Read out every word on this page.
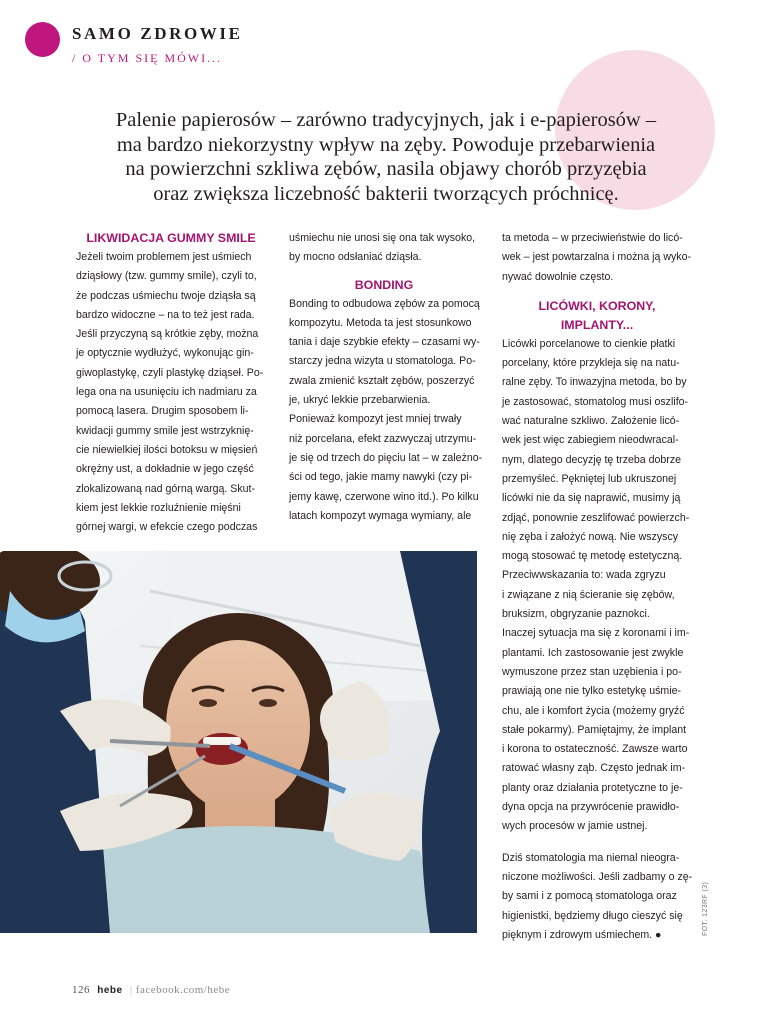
SAMO ZDROWIE
/ O TYM SIĘ MÓWI...
Palenie papierosów – zarówno tradycyjnych, jak i e-papierosów –
ma bardzo niekorzystny wpływ na zęby. Powoduje przebarwienia
na powierzchni szkliwa zębów, nasila objawy chorób przyzębia
oraz zwiększa liczebność bakterii tworzących próchnicę.
LIKWIDACJA GUMMY SMILE
Jeżeli twoim problemem jest uśmiech
dziąsłowy (tzw. gummy smile), czyli to,
że podczas uśmiechu twoje dziąsła są
bardzo widoczne – na to też jest rada.
Jeśli przyczyną są krótkie zęby, można
je optycznie wydłużyć, wykonując gin-
giwoplastykę, czyli plastykę dziąseł. Po-
lega ona na usunięciu ich nadmiaru za
pomocą lasera. Drugim sposobem li-
kwidacji gummy smile jest wstrzyknię-
cie niewielkiej ilości botoksu w mięsień
okrężny ust, a dokładnie w jego część
zlokalizowaną nad górną wargą. Skut-
kiem jest lekkie rozluźnienie mięśni
górnej wargi, w efekcie czego podczas
uśmiechu nie unosi się ona tak wysoko,
by mocno odsłaniać dziąsła.
BONDING
Bonding to odbudowa zębów za pomocą
kompozytu. Metoda ta jest stosunkowo
tania i daje szybkie efekty – czasami wy-
starczy jedna wizyta u stomatologa. Po-
zwala zmienić kształt zębów, poszerzyć
je, ukryć lekkie przebarwienia.
Ponieważ kompozyt jest mniej trwały
niż porcelana, efekt zazwyczaj utrzymu-
je się od trzech do pięciu lat – w zależno-
ści od tego, jakie mamy nawyki (czy pi-
jemy kawę, czerwone wino itd.). Po kilku
latach kompozyt wymaga wymiany, ale
ta metoda – w przeciwieństwie do licó-
wek – jest powtarzalna i można ją wyko-
nywać dowolnie często.
LICÓWKI, KORONY,
IMPLANTY...
Licówki porcelanowe to cienkie płatki
porcelany, które przykleja się na natu-
ralne zęby. To inwazyjna metoda, bo by
je zastosować, stomatolog musi oszlifo-
wać naturalne szkliwo. Założenie licó-
wek jest więc zabiegiem nieodwracal-
nym, dlatego decyzję tę trzeba dobrze
przemyśleć. Pękniętej lub ukruszonej
licówki nie da się naprawić, musimy ją
zdjąć, ponownie zeszlifować powierzch-
nię zęba i założyć nową. Nie wszyscy
mogą stosować tę metodę estetyczną.
Przeciwwskazania to: wada zgryzu
i związane z nią ścieranie się zębów,
bruksizm, obgryzanie paznokci.
Inaczej sytuacja ma się z koronami i im-
plantami. Ich zastosowanie jest zwykle
wymuszone przez stan uzębienia i po-
prawiają one nie tylko estetykę uśmie-
chu, ale i komfort życia (możemy gryźć
stałe pokarmy). Pamiętajmy, że implant
i korona to ostateczność. Zawsze warto
ratować własny ząb. Często jednak im-
planty oraz działania protetyczne to je-
dyna opcja na przywrócenie prawidło-
wych procesów w jamie ustnej.
Dziś stomatologia ma niemal nieogra-
niczone możliwości. Jeśli zadbamy o zę-
by sami i z pomocą stomatologa oraz
higienistki, będziemy długo cieszyć się
pięknym i zdrowym uśmiechem. ●	FOT. 123RF (3)
126 hebe | facebook.com/hebe
